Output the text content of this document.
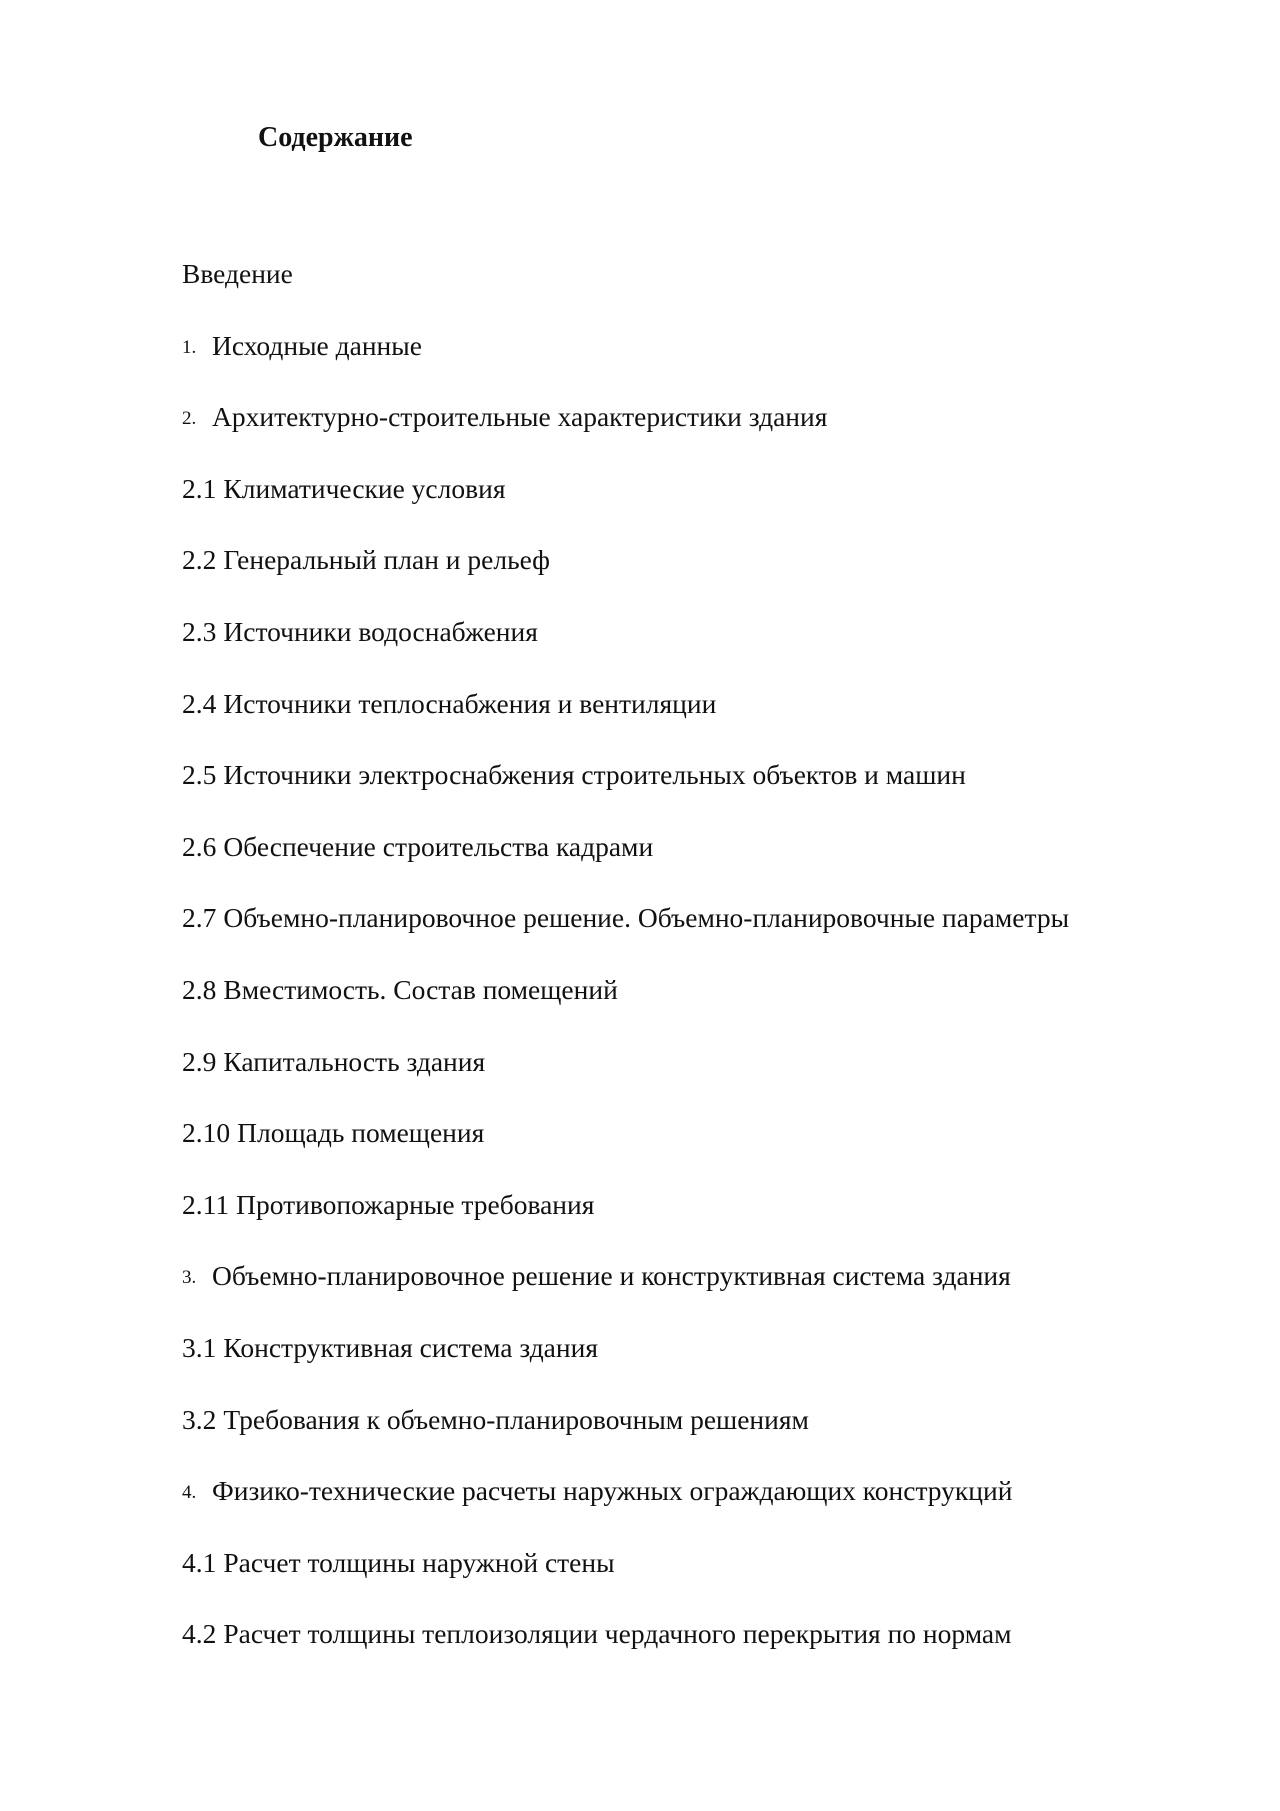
Содержание
Введение
1. Исходные данные
2. Архитектурно-строительные характеристики здания
2.1 Климатические условия
2.2 Генеральный план и рельеф
2.3 Источники водоснабжения
2.4 Источники теплоснабжения и вентиляции
2.5 Источники электроснабжения строительных объектов и машин
2.6 Обеспечение строительства кадрами
2.7 Объемно-планировочное решение. Объемно-планировочные параметры
2.8 Вместимость. Состав помещений
2.9 Капитальность здания
2.10 Площадь помещения
2.11 Противопожарные требования
3. Объемно-планировочное решение и конструктивная система здания
3.1 Конструктивная система здания
3.2 Требования к объемно-планировочным решениям
4. Физико-технические расчеты наружных ограждающих конструкций
4.1 Расчет толщины наружной стены
4.2 Расчет толщины теплоизоляции чердачного перекрытия по нормам
